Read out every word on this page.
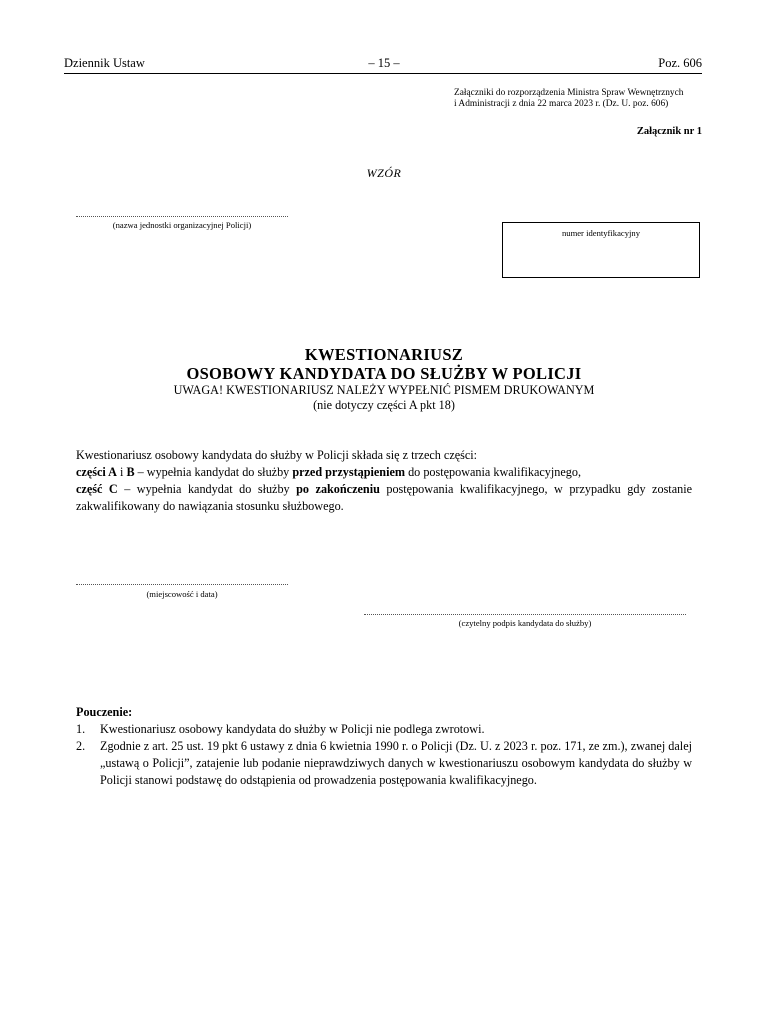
Dziennik Ustaw	– 15 –	Poz. 606
Załączniki do rozporządzenia Ministra Spraw Wewnętrznych
i Administracji z dnia 22 marca 2023 r. (Dz. U. poz. 606)
Załącznik nr 1
WZÓR
(nazwa jednostki organizacyjnej Policji)
numer identyfikacyjny
KWESTIONARIUSZ
OSOBOWY KANDYDATA DO SŁUŻBY W POLICJI
UWAGA! KWESTIONARIUSZ NALEŻY WYPEŁNIĆ PISMEM DRUKOWANYM
(nie dotyczy części A pkt 18)

Kwestionariusz osobowy kandydata do służby w Policji składa się z trzech części:

części A i B – wypełnia kandydat do służby przed przystąpieniem do postępowania kwalifikacyjnego,

część C – wypełnia kandydat do służby po zakończeniu postępowania kwalifikacyjnego, w przypadku gdy zostanie zakwalifikowany do nawiązania stosunku służbowego.

(miejscowość i data)
(czytelny podpis kandydata do służby)
Pouczenie:
1. Kwestionariusz osobowy kandydata do służby w Policji nie podlega zwrotowi.
2. Zgodnie z art. 25 ust. 19 pkt 6 ustawy z dnia 6 kwietnia 1990 r. o Policji (Dz. U. z 2023 r. poz. 171, ze zm.), zwanej dalej „ustawą o Policji”, zatajenie lub podanie nieprawdziwych danych w kwestionariuszu osobowym kandydata do służby w Policji stanowi podstawę do odstąpienia od prowadzenia postępowania kwalifikacyjnego.
